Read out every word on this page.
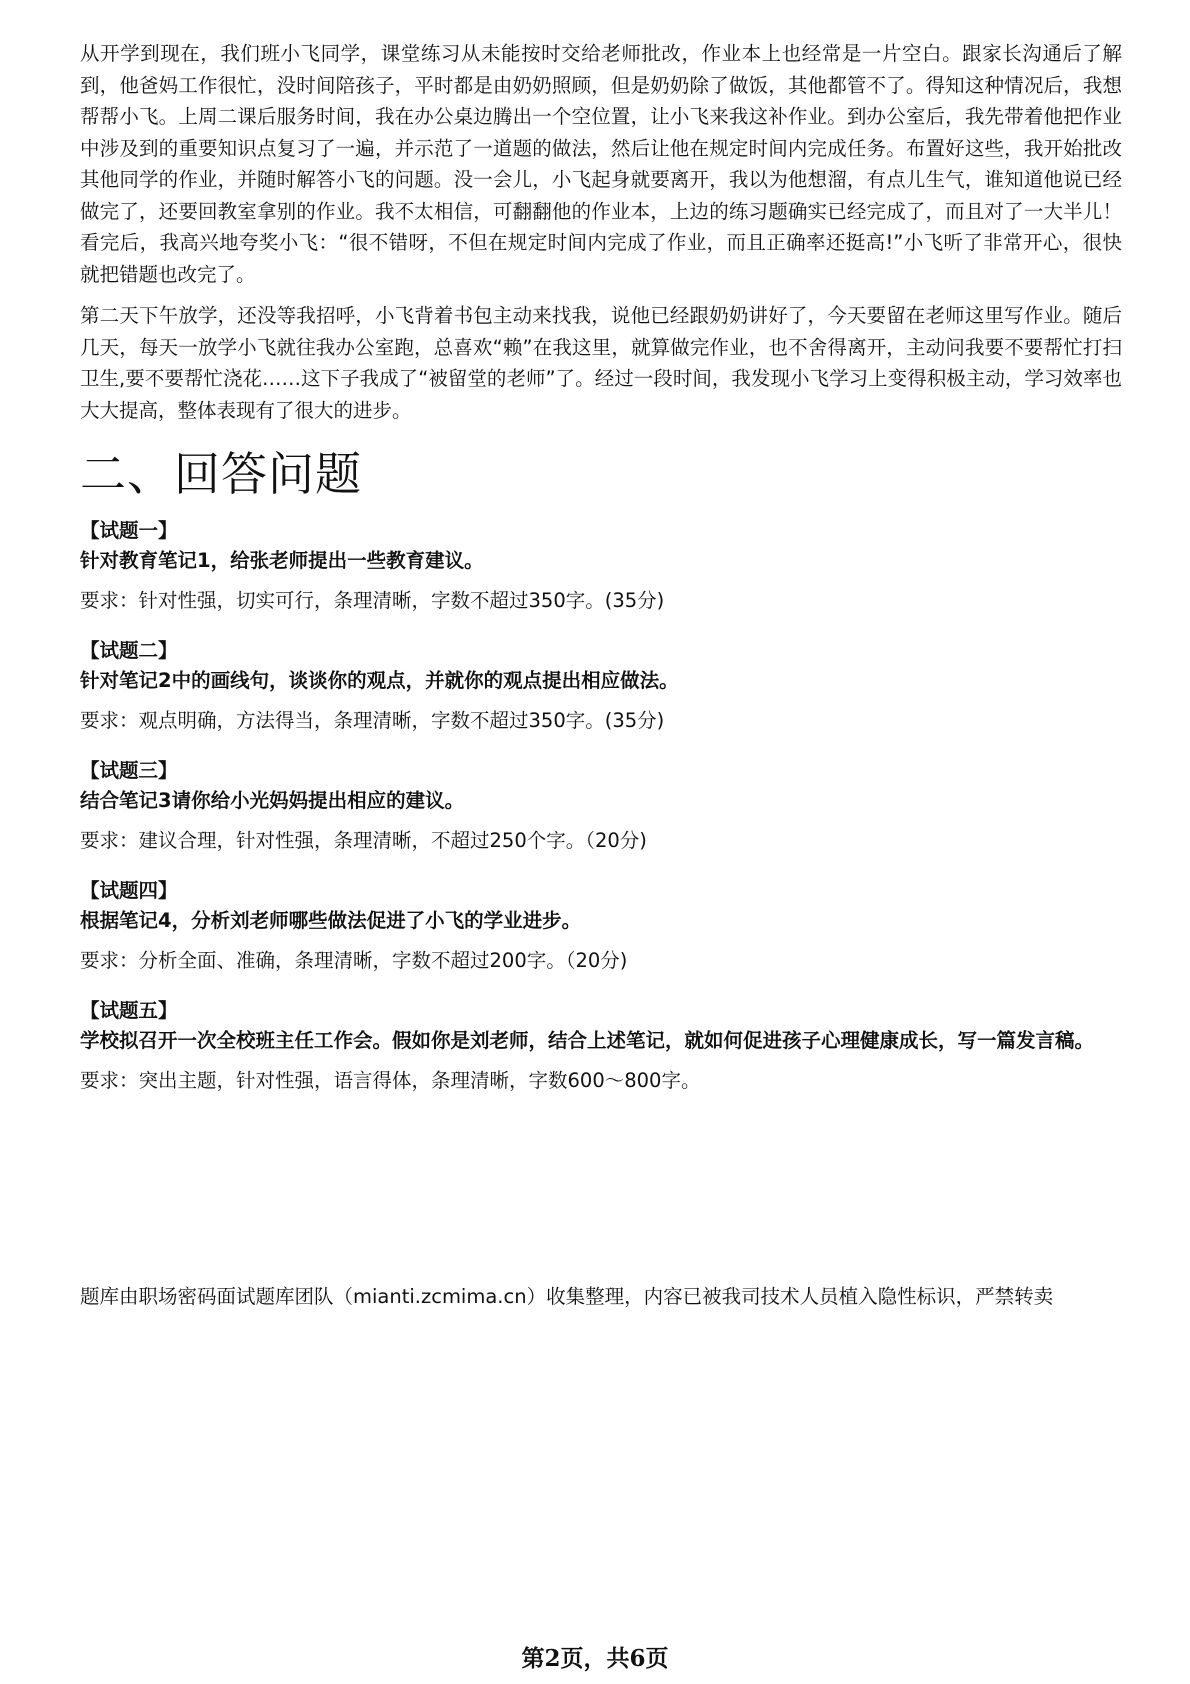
从开学到现在，我们班小飞同学，课堂练习从未能按时交给老师批改，作业本上也经常是一片空白。跟家长沟通后了解到，他爸妈工作很忙，没时间陪孩子，平时都是由奶奶照顾，但是奶奶除了做饭，其他都管不了。得知这种情况后，我想帮帮小飞。上周二课后服务时间，我在办公桌边腾出一个空位置，让小飞来我这补作业。到办公室后，我先带着他把作业中涉及到的重要知识点复习了一遍，并示范了一道题的做法，然后让他在规定时间内完成任务。布置好这些，我开始批改其他同学的作业，并随时解答小飞的问题。没一会儿，小飞起身就要离开，我以为他想溜，有点儿生气，谁知道他说已经做完了，还要回教室拿别的作业。我不太相信，可翻翻他的作业本，上边的练习题确实已经完成了，而且对了一大半儿！看完后，我高兴地夸奖小飞：“很不错呀，不但在规定时间内完成了作业，而且正确率还挺高!”小飞听了非常开心，很快就把错题也改完了。

第二天下午放学，还没等我招呼，小飞背着书包主动来找我，说他已经跟奶奶讲好了，今天要留在老师这里写作业。随后几天，每天一放学小飞就往我办公室跑，总喜欢“赖”在我这里，就算做完作业，也不舍得离开，主动问我要不要帮忙打扫卫生,要不要帮忙浇花……这下子我成了“被留堂的老师”了。经过一段时间，我发现小飞学习上变得积极主动，学习效率也大大提高，整体表现有了很大的进步。

二、回答问题

【试题一】

针对教育笔记1，给张老师提出一些教育建议。

要求：针对性强，切实可行，条理清晰，字数不超过350字。(35分)

【试题二】

针对笔记2中的画线句，谈谈你的观点，并就你的观点提出相应做法。

要求：观点明确，方法得当，条理清晰，字数不超过350字。(35分)

【试题三】

结合笔记3请你给小光妈妈提出相应的建议。

要求：建议合理，针对性强，条理清晰，不超过250个字。（20分)

【试题四】

根据笔记4，分析刘老师哪些做法促进了小飞的学业进步。

要求：分析全面、准确，条理清晰，字数不超过200字。（20分)

【试题五】

学校拟召开一次全校班主任工作会。假如你是刘老师，结合上述笔记，就如何促进孩子心理健康成长，写一篇发言稿。

要求：突出主题，针对性强，语言得体，条理清晰，字数600～800字。

题库由职场密码面试题库团队（mianti.zcmima.cn）收集整理，内容已被我司技术人员植入隐性标识，严禁转卖
第2页，共6页
